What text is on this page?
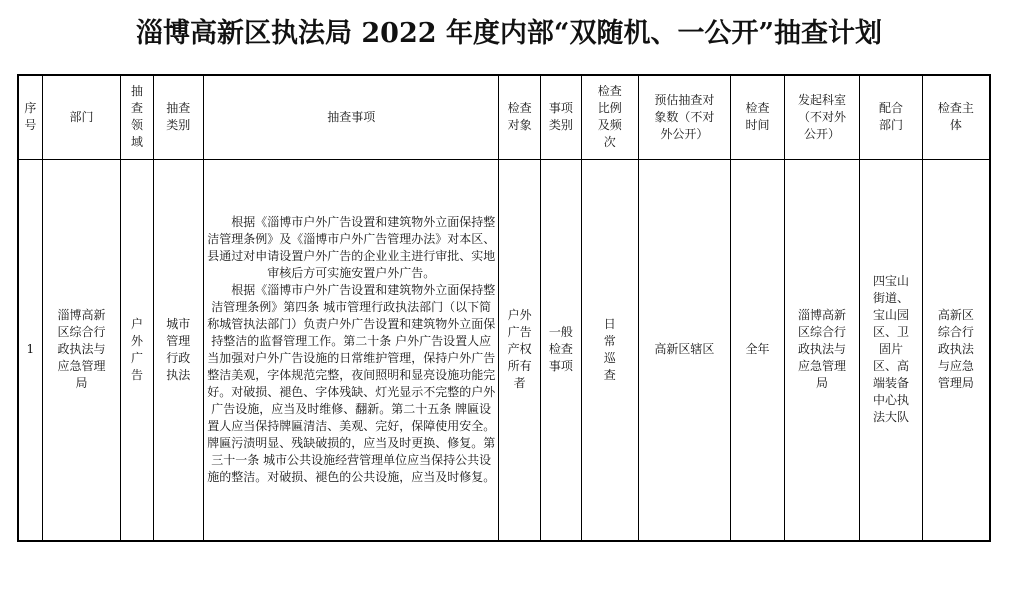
淄博高新区执法局 2022 年度内部“双随机、一公开”抽查计划
序号	部门	抽查领域	抽查类别	抽查事项	检查对象	事项类别	检查比例及频次	预估抽查对象数（不对外公开）	检查时间	发起科室（不对外公开）	配合部门	检查主体
1	淄博高新区综合行政执法与应急管理局	户外广告	城市管理行政执法	根据《淄博市户外广告设置和建筑物外立面保持整洁管理条例》及《淄博市户外广告管理办法》对本区、县通过对申请设置户外广告的企业业主进行审批、实地审核后方可实施安置户外广告。
根据《淄博市户外广告设置和建筑物外立面保持整洁管理条例》第四条 城市管理行政执法部门（以下简称城管执法部门）负责户外广告设置和建筑物外立面保持整洁的监督管理工作。第二十条 户外广告设置人应当加强对户外广告设施的日常维护管理，保持户外广告整洁美观，字体规范完整，夜间照明和显亮设施功能完好。对破损、褪色、字体残缺、灯光显示不完整的户外广告设施，应当及时维修、翻新。第二十五条 牌匾设置人应当保持牌匾清洁、美观、完好，保障使用安全。牌匾污渍明显、残缺破损的，应当及时更换、修复。第三十一条 城市公共设施经营管理单位应当保持公共设施的整洁。对破损、褪色的公共设施，应当及时修复。	户外广告产权所有者	一般检查事项	日常巡查	高新区辖区	全年	淄博高新区综合行政执法与应急管理局	四宝山街道、宝山园区、卫固片区、高端装备中心执法大队	高新区综合行政执法与应急管理局
